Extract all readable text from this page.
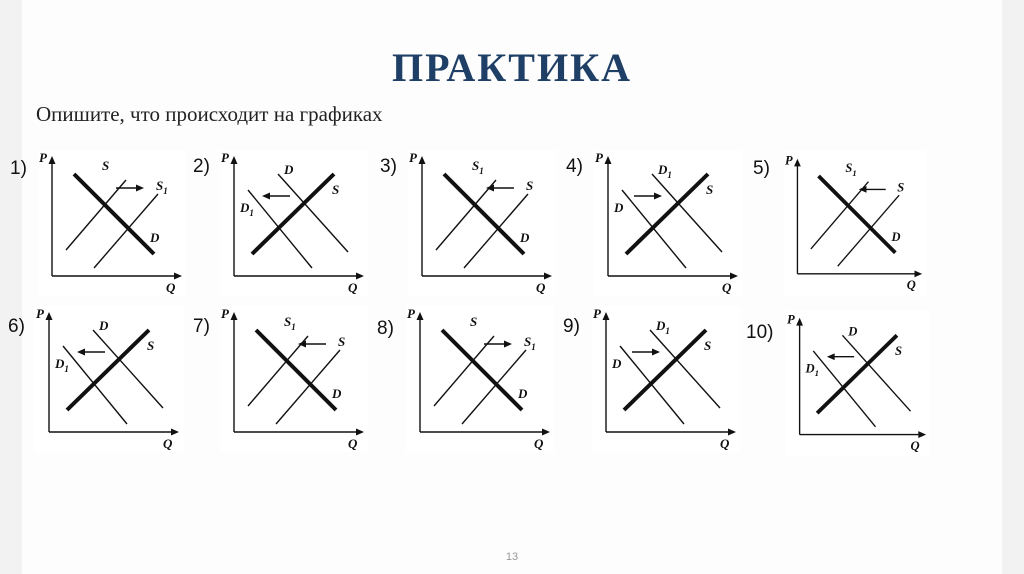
ПРАКТИКА
Опишите, что происходит на графиках
P
Q
S
$S_1$
D
P
Q
$D_1$
D
S
P
Q
$S_1$
S
D
P
Q
D
$D_1$
S
P
Q
$S_1$
S
D
P
Q
$D_1$
D
S
P
Q
$S_1$
S
D
P
Q
S
$S_1$
D
P
Q
D
$D_1$
S
P
Q
$D_1$
D
S
13
1)	2)	3)	4)	5)
6)	7)	8)	9)	10)
